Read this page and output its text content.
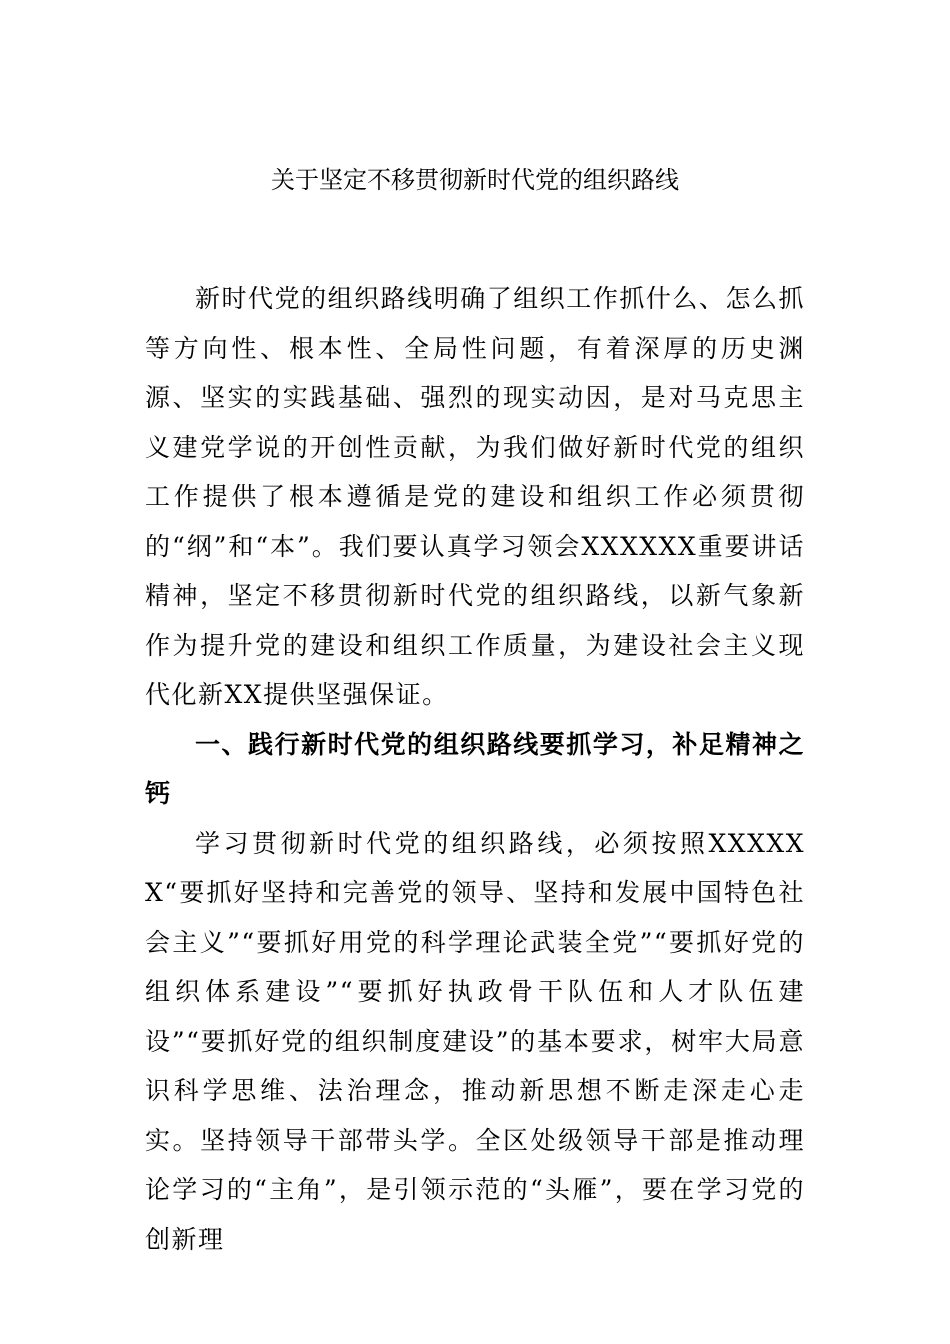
关于坚定不移贯彻新时代党的组织路线

新时代党的组织路线明确了组织工作抓什么、怎么抓等方向性、根本性、全局性问题，有着深厚的历史渊源、坚实的实践基础、强烈的现实动因，是对马克思主义建党学说的开创性贡献，为我们做好新时代党的组织工作提供了根本遵循是党的建设和组织工作必须贯彻的“纲”和“本”。我们要认真学习领会XXXXXX重要讲话精神，坚定不移贯彻新时代党的组织路线，以新气象新作为提升党的建设和组织工作质量，为建设社会主义现代化新XX提供坚强保证。

一、践行新时代党的组织路线要抓学习，补足精神之钙

学习贯彻新时代党的组织路线，必须按照XXXXXX“要抓好坚持和完善党的领导、坚持和发展中国特色社会主义”“要抓好用党的科学理论武装全党”“要抓好党的组织体系建设”“要抓好执政骨干队伍和人才队伍建设”“要抓好党的组织制度建设”的基本要求，树牢大局意识科学思维、法治理念，推动新思想不断走深走心走实。坚持领导干部带头学。全区处级领导干部是推动理论学习的“主角”，是引领示范的“头雁”，要在学习党的创新理
